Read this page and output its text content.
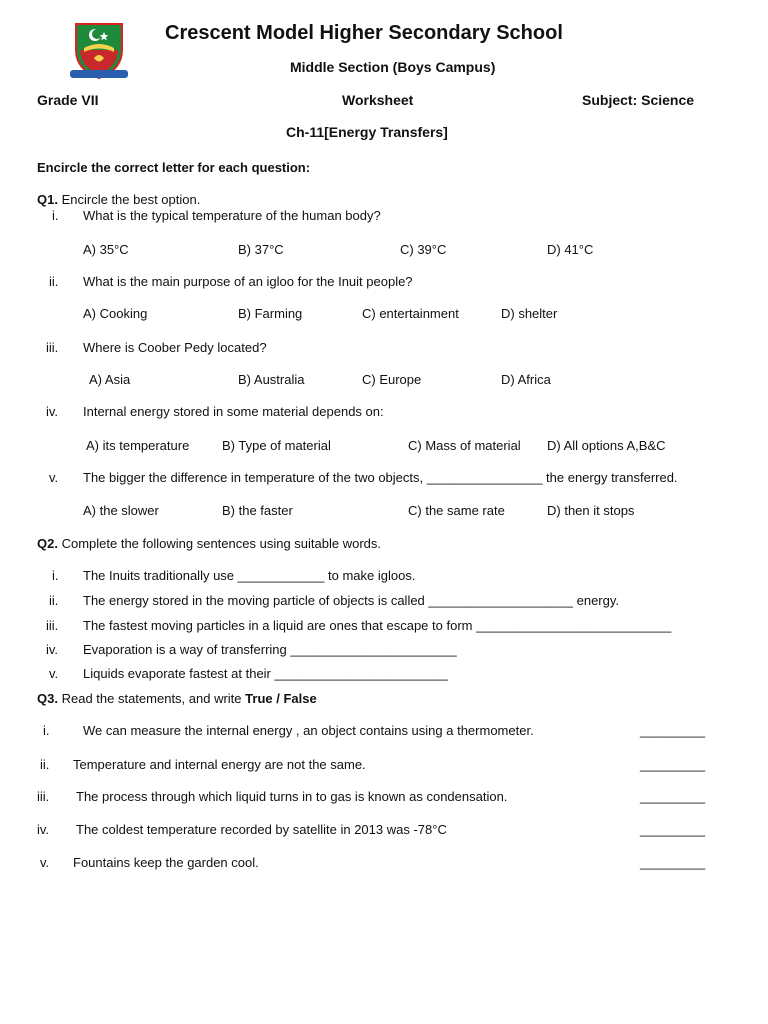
Crescent Model Higher Secondary School
Middle Section (Boys Campus)
Grade VII	Worksheet	Subject: Science
Ch-11[Energy Transfers]
Encircle the correct letter for each question:
Q1. Encircle the best option.
i. What is the typical temperature of the human body?
A) 35°C	B) 37°C	C) 39°C	D) 41°C
ii. What is the main purpose of an igloo for the Inuit people?
A) Cooking	B) Farming	C) entertainment	D) shelter
iii. Where is Coober Pedy located?
A) Asia	B) Australia	C) Europe	D) Africa
iv. Internal energy stored in some material depends on:
A) its temperature	B) Type of material	C) Mass of material D) All options A,B&C
v. The bigger the difference in temperature of the two objects, ________________ the energy transferred.
A) the slower	B) the faster	C) the same rate	D) then it stops
Q2. Complete the following sentences using suitable words.
i. The Inuits traditionally use ____________ to make igloos.
ii. The energy stored in the moving particle of objects is called ____________________ energy.
iii. The fastest moving particles in a liquid are ones that escape to form ___________________________
iv. Evaporation is a way of transferring _______________________
v. Liquids evaporate fastest at their ________________________
Q3. Read the statements, and write True / False
i.	We can measure the internal energy , an object contains using a thermometer.	_________
ii. Temperature and internal energy are not the same.	_________
iii. The process through which liquid turns in to gas is known as condensation.	_________
iv. The coldest temperature recorded by satellite in 2013 was -78°C	_________
v. Fountains keep the garden cool.	_________
